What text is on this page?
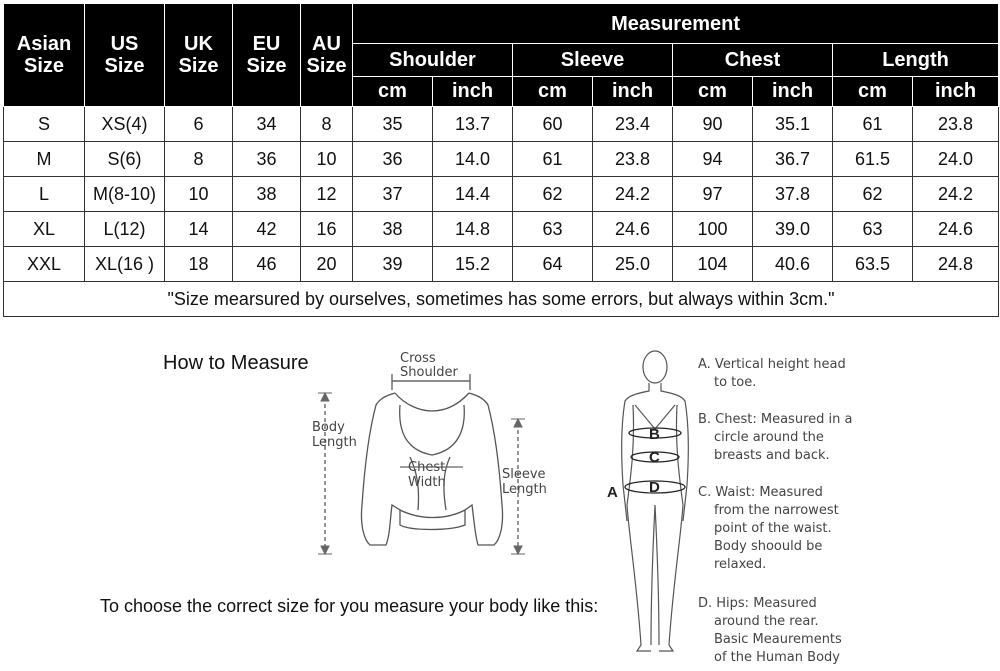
Asian
Size	US
Size	UK
Size	EU
Size	AU
Size	Measurement							
					Shoulder		Sleeve		Chest		Length	
					cm	inch	cm	inch	cm	inch	cm	inch
S	XS(4)	6	34	8	35	13.7	60	23.4	90	35.1	61	23.8
M	S(6)	8	36	10	36	14.0	61	23.8	94	36.7	61.5	24.0
L	M(8-10)	10	38	12	37	14.4	62	24.2	97	37.8	62	24.2
XL	L(12)	14	42	16	38	14.8	63	24.6	100	39.0	63	24.6
XXL	XL(16 )	18	46	20	39	15.2	64	25.0	104	40.6	63.5	24.8
"Size mearsured by ourselves, sometimes has some errors, but always within 3cm."												
How to Measure	Cross
Shoulder
Body
Length
Chest
Width
Sleeve
Length
B
C
D
A
A. Vertical height head
to toe.
B. Chest: Measured in a
circle around the
breasts and back.
C. Waist: Measured
from the narrowest
point of the waist.
Body shoould be
relaxed.
D. Hips: Measured
around the rear.
Basic Meaurements
of the Human Body
To choose the correct size for you measure your body like this:
